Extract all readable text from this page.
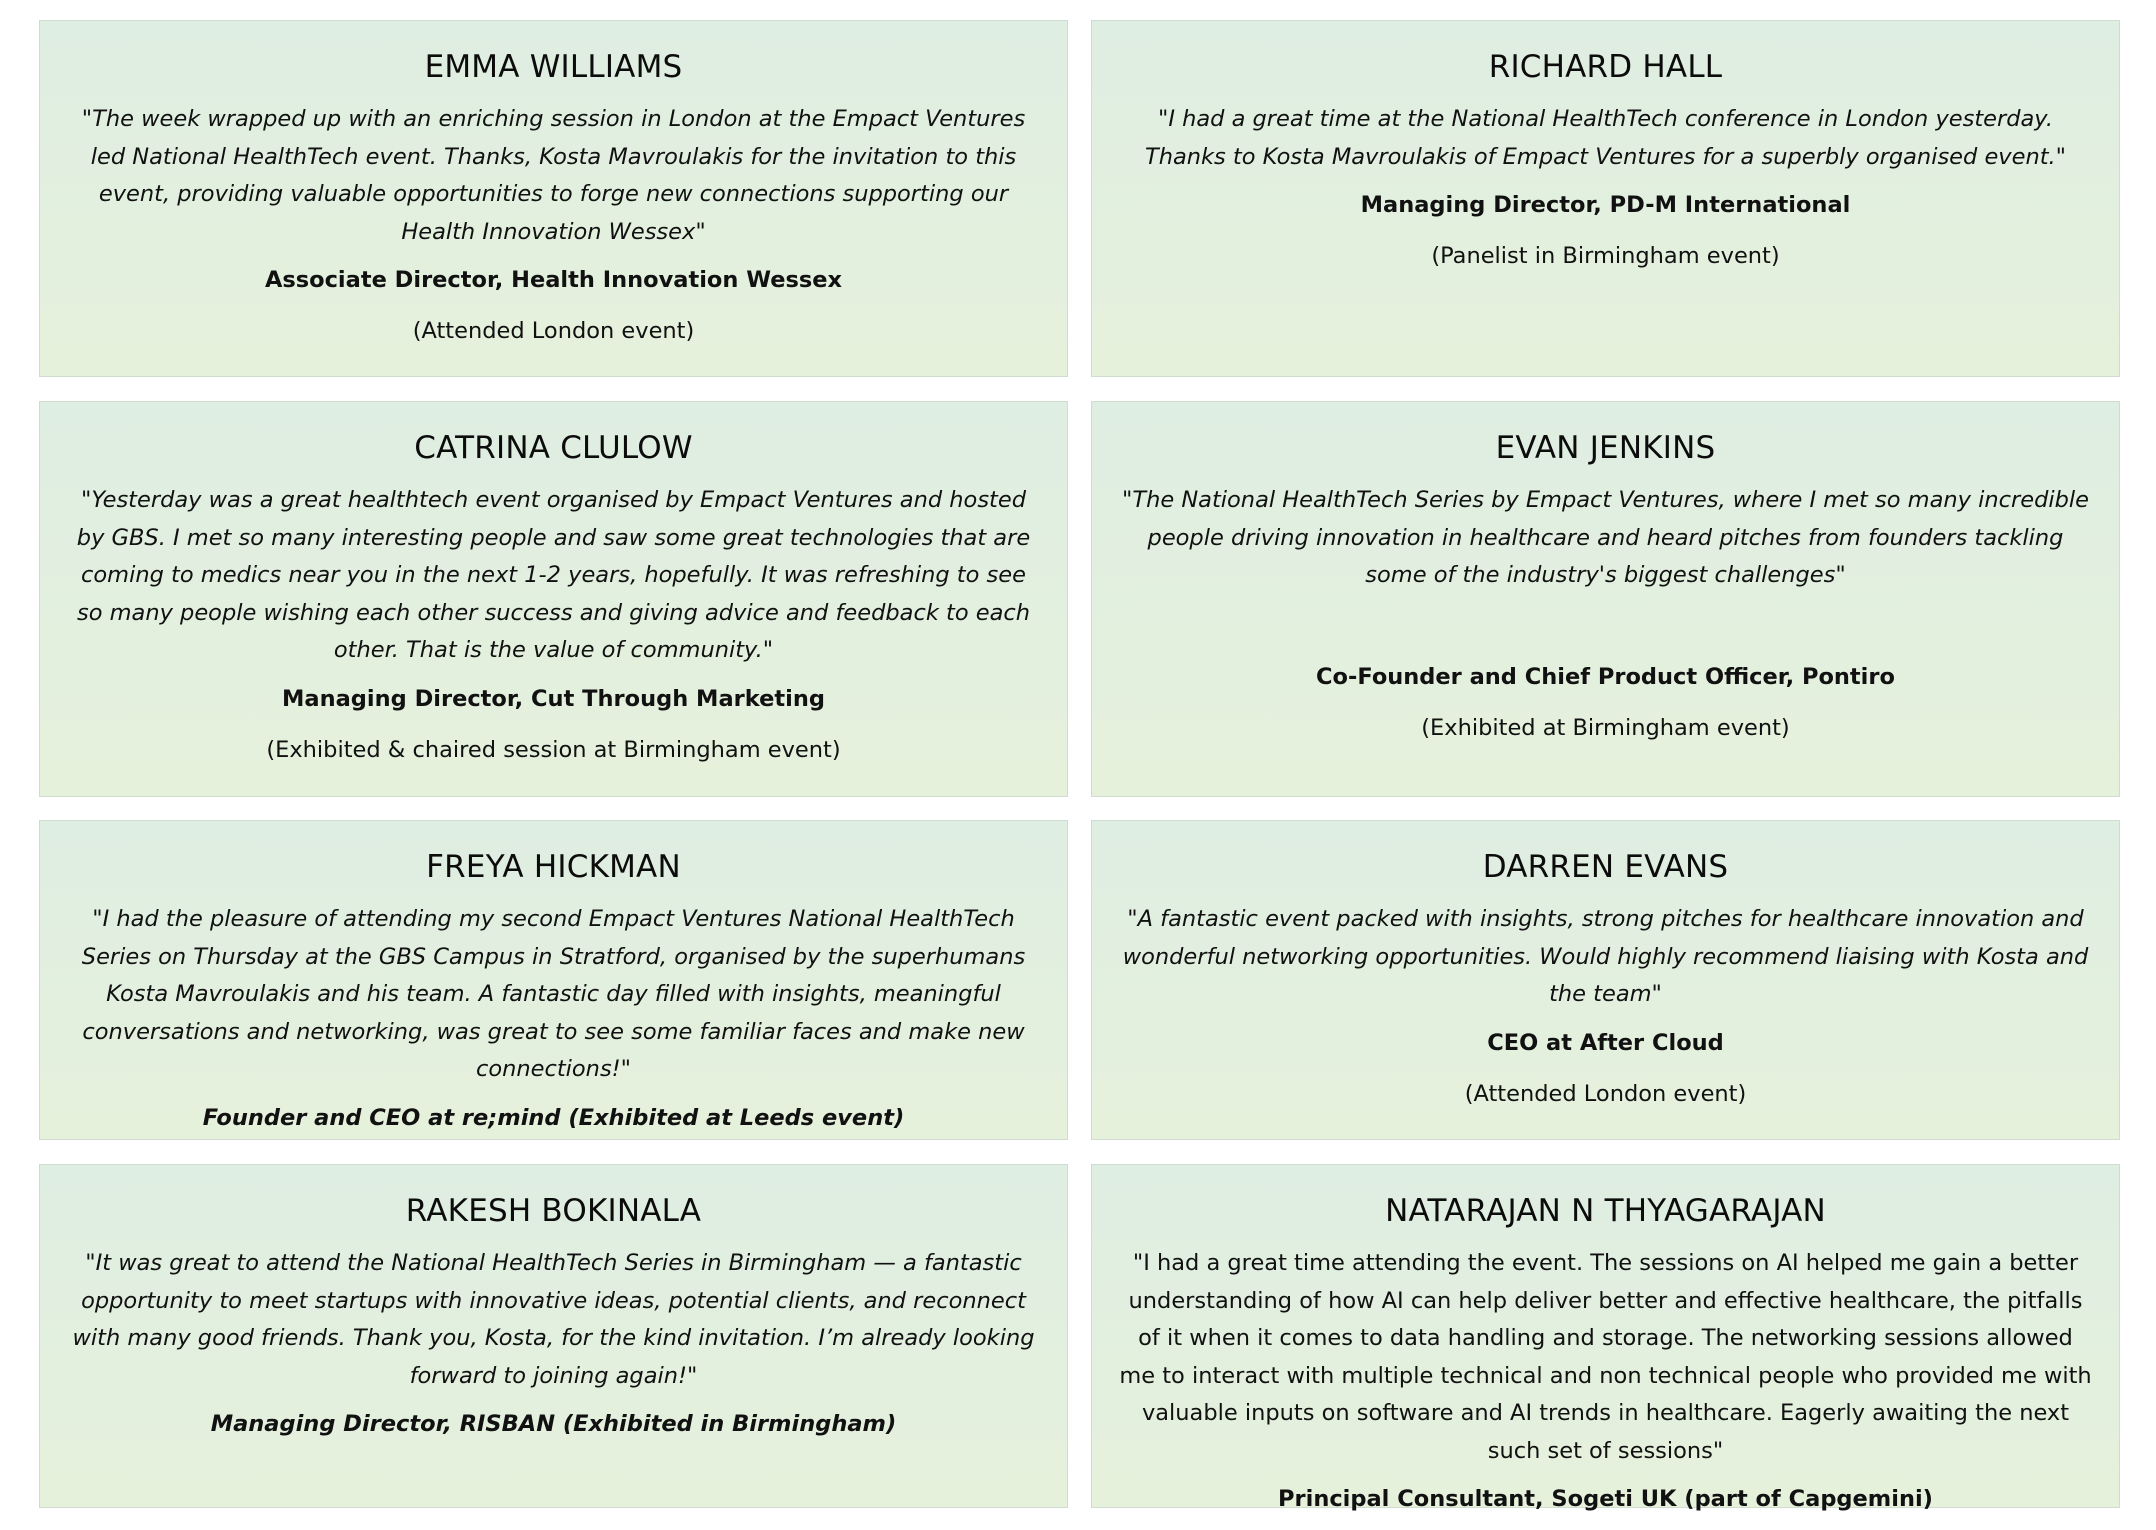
EMMA WILLIAMS

"The week wrapped up with an enriching session in London at the Empact Ventures led National HealthTech event. Thanks, Kosta Mavroulakis for the invitation to this event, providing valuable opportunities to forge new connections supporting our Health Innovation Wessex"

Associate Director, Health Innovation Wessex
(Attended London event)
RICHARD HALL

"I had a great time at the National HealthTech conference in London yesterday. Thanks to Kosta Mavroulakis of Empact Ventures for a superbly organised event."

Managing Director, PD-M International
(Panelist in Birmingham event)
CATRINA CLULOW

"Yesterday was a great healthtech event organised by Empact Ventures and hosted by GBS. I met so many interesting people and saw some great technologies that are coming to medics near you in the next 1-2 years, hopefully. It was refreshing to see so many people wishing each other success and giving advice and feedback to each other. That is the value of community."

Managing Director, Cut Through Marketing
(Exhibited & chaired session at Birmingham event)
EVAN JENKINS

"The National HealthTech Series by Empact Ventures, where I met so many incredible people driving innovation in healthcare and heard pitches from founders tackling some of the industry's biggest challenges"

Co-Founder and Chief Product Officer, Pontiro
(Exhibited at Birmingham event)
FREYA HICKMAN

"I had the pleasure of attending my second Empact Ventures National HealthTech Series on Thursday at the GBS Campus in Stratford, organised by the superhumans Kosta Mavroulakis and his team. A fantastic day filled with insights, meaningful conversations and networking, was great to see some familiar faces and make new connections!"

Founder and CEO at re;mind (Exhibited at Leeds event)
DARREN EVANS

"A fantastic event packed with insights, strong pitches for healthcare innovation and wonderful networking opportunities. Would highly recommend liaising with Kosta and the team"

CEO at After Cloud
(Attended London event)
RAKESH BOKINALA

"It was great to attend the National HealthTech Series in Birmingham — a fantastic opportunity to meet startups with innovative ideas, potential clients, and reconnect with many good friends. Thank you, Kosta, for the kind invitation. I’m already looking forward to joining again!"

Managing Director, RISBAN (Exhibited in Birmingham)
NATARAJAN N THYAGARAJAN

"I had a great time attending the event. The sessions on AI helped me gain a better understanding of how AI can help deliver better and effective healthcare, the pitfalls of it when it comes to data handling and storage. The networking sessions allowed me to interact with multiple technical and non technical people who provided me with valuable inputs on software and AI trends in healthcare. Eagerly awaiting the next such set of sessions"

Principal Consultant, Sogeti UK (part of Capgemini)
